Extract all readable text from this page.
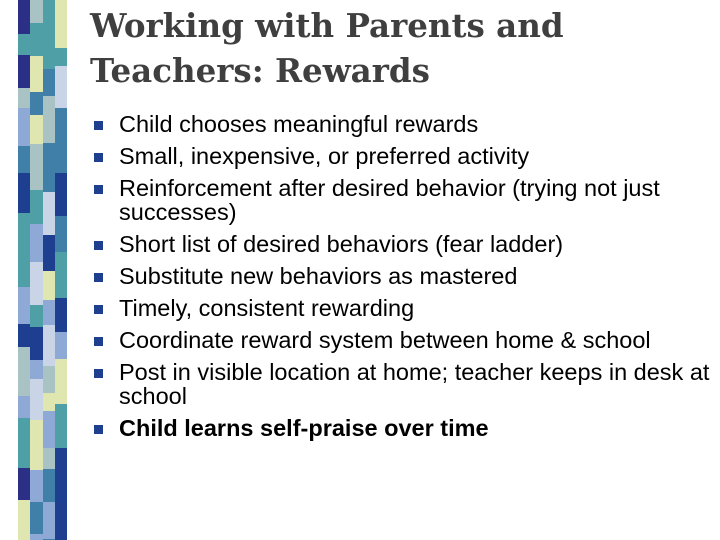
Working with Parents and
Teachers: Rewards
Child chooses meaningful rewards
Small, inexpensive, or preferred activity
Reinforcement after desired behavior (trying not just successes)
Short list of desired behaviors (fear ladder)
Substitute new behaviors as mastered
Timely, consistent rewarding
Coordinate reward system between home & school
Post in visible location at home; teacher keeps in desk at school
Child learns self-praise over time
